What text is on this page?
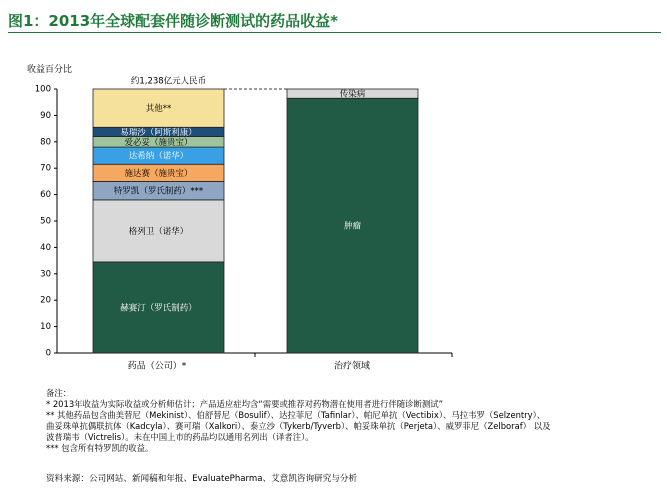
图1：2013年全球配套伴随诊断测试的药品收益*
收益百分比
0
10
20
30
40
50
60
70
80
90
100
赫赛汀（罗氏制药）
格列卫（诺华）
特罗凯（罗氏制药）***
施达赛（施贵宝）
达希纳（诺华）
爱必妥（施贵宝）
易瑞沙（阿斯利康）
其他**
肿瘤
传染病
约1,238亿元人民币
药品（公司）*	治疗领域
备注：
* 2013年收益为实际收益或分析师估计；产品适应症均含“需要或推荐对药物潜在使用者进行伴随诊断测试”
** 其他药品包含曲美替尼（Mekinist）、伯舒替尼（Bosulif）、达拉菲尼（Tafinlar）、帕尼单抗（Vectibix）、马拉韦罗（Selzentry）、
曲妥珠单抗偶联抗体（Kadcyla）、赛可瑞（Xalkori）、泰立沙（Tykerb/Tyverb）、帕妥珠单抗（Perjeta）、威罗菲尼（Zelboraf） 以及
波普瑞韦（Victrelis）。未在中国上市的药品均以通用名列出（译者注）。
*** 包含所有特罗凯的收益。
资料来源：公司网站、新闻稿和年报、EvaluatePharma、艾意凯咨询研究与分析
